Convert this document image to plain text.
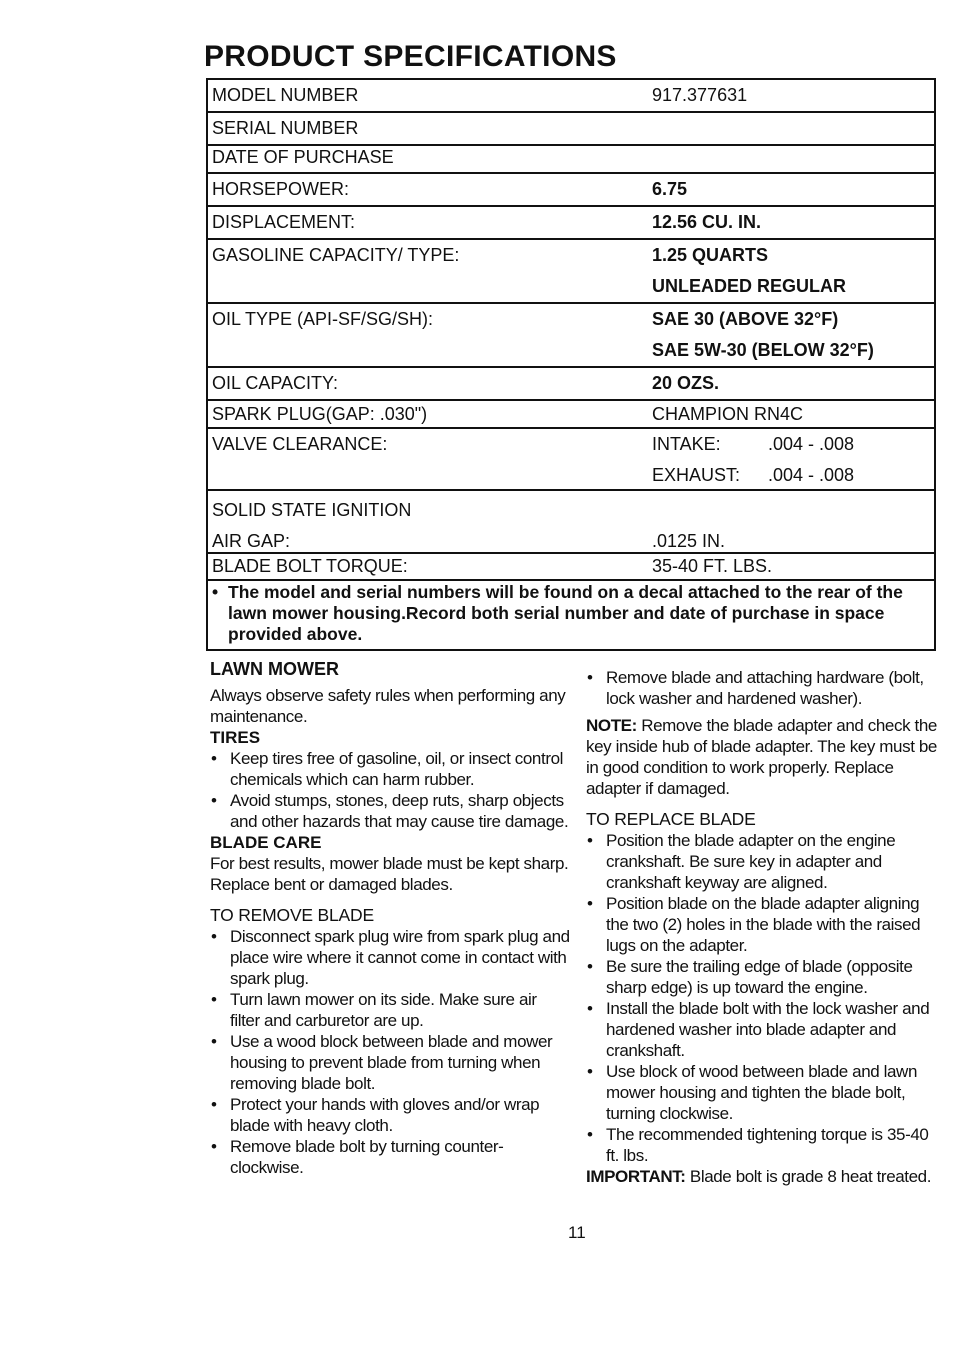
PRODUCT SPECIFICATIONS
MODEL NUMBER	917.377631
SERIAL NUMBER
DATE OF PURCHASE
HORSEPOWER:	6.75
DISPLACEMENT:	12.56 CU. IN.
GASOLINE CAPACITY/ TYPE:	1.25 QUARTS
UNLEADED REGULAR
OIL TYPE (API-SF/SG/SH):	SAE 30 (ABOVE 32°F)
SAE 5W-30 (BELOW 32°F)
OIL CAPACITY:	20 OZS.
SPARK PLUG(GAP: .030")	CHAMPION RN4C
VALVE CLEARANCE:	INTAKE:	.004 - .008
EXHAUST:	.004 - .008
SOLID STATE IGNITION
AIR GAP:	.0125 IN.
BLADE BOLT TORQUE:	35-40 FT. LBS.
• The model and serial numbers will be found on a decal attached to the rear of the lawn mower housing.Record both serial number and date of purchase in space provided above.
LAWN MOWER

Always observe safety rules when performing any maintenance.

TIRES
• Keep tires free of gasoline, oil, or insect control chemicals which can harm rubber.
• Avoid stumps, stones, deep ruts, sharp objects and other hazards that may cause tire damage.
BLADE CARE

For best results, mower blade must be kept sharp. Replace bent or damaged blades.

TO REMOVE BLADE
• Disconnect spark plug wire from spark plug and place wire where it cannot come in contact with spark plug.
• Turn lawn mower on its side. Make sure air filter and carburetor are up.
• Use a wood block between blade and mower housing to prevent blade from turning when removing blade bolt.
• Protect your hands with gloves and/or wrap blade with heavy cloth.
• Remove blade bolt by turning counter-clockwise.
• Remove blade and attaching hardware (bolt, lock washer and hardened washer).

NOTE: Remove the blade adapter and check the key inside hub of blade adapter. The key must be in good condition to work properly. Replace adapter if damaged.

TO REPLACE BLADE
• Position the blade adapter on the engine crankshaft. Be sure key in adapter and crankshaft keyway are aligned.
• Position blade on the blade adapter aligning the two (2) holes in the blade with the raised lugs on the adapter.
• Be sure the trailing edge of blade (opposite sharp edge) is up toward the engine.
• Install the blade bolt with the lock washer and hardened washer into blade adapter and crankshaft.
• Use block of wood between blade and lawn mower housing and tighten the blade bolt, turning clockwise.
• The recommended tightening torque is 35-40 ft. lbs.

IMPORTANT: Blade bolt is grade 8 heat treated.

11
